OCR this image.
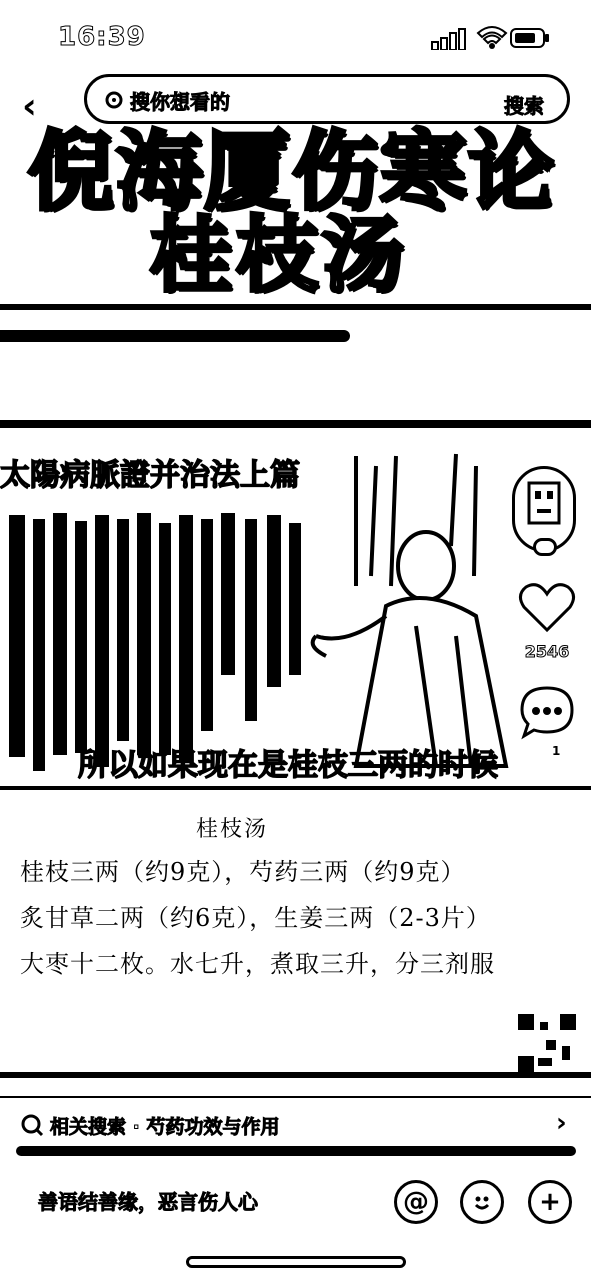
16:39
‹	搜你想看的	搜索
倪海厦伤寒论
桂枝汤
太陽病脈證并治法上篇
所以如果现在是桂枝三两的时候	1
2546
桂枝汤
桂枝三两（约9克），芍药三两（约9克）
炙甘草二两（约6克），生姜三两（2-3片）
大枣十二枚。水七升，煮取三升，分三剂服
相关搜索 · 芍药功效与作用	›
善语结善缘，恶言伤人心	@	+
